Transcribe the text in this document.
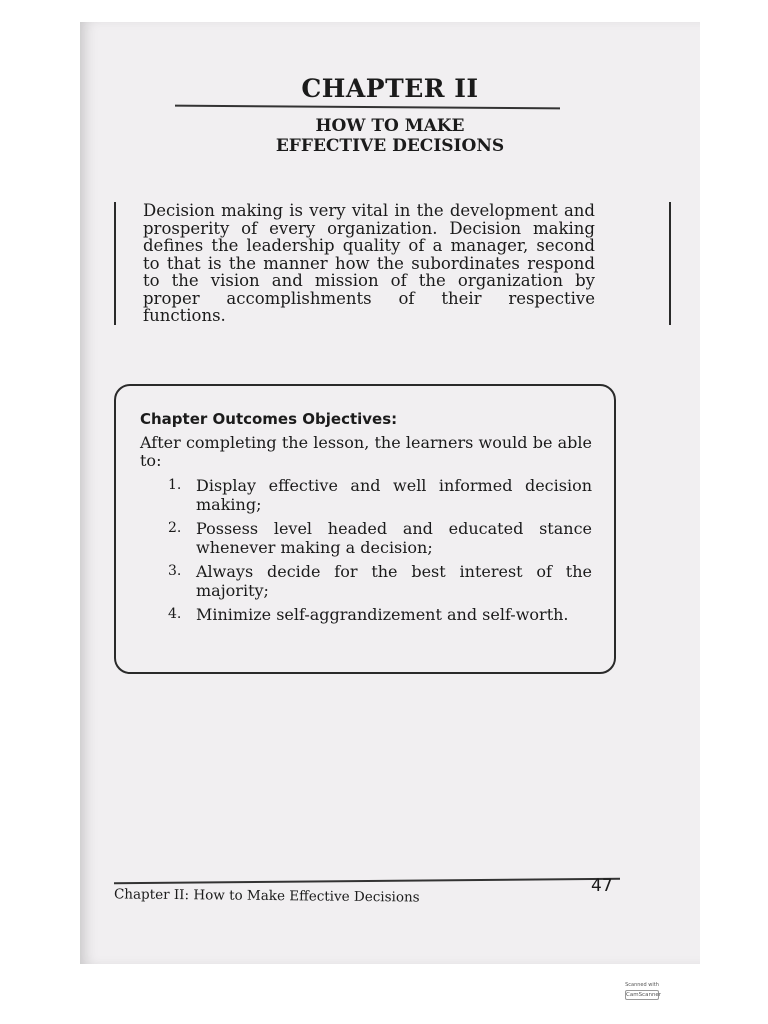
CHAPTER II
HOW TO MAKE
EFFECTIVE DECISIONS
Decision making is very vital in the development and prosperity of every organization. Decision making defines the leadership quality of a manager, second to that is the manner how the subordinates respond to the vision and mission of the organization by proper accomplishments of their respective functions.
Chapter Outcomes Objectives:
After completing the lesson, the learners would be able to:
1. Display effective and well informed decision making;
2. Possess level headed and educated stance whenever making a decision;
3. Always decide for the best interest of the majority;
4. Minimize self-aggrandizement and self-worth.
Chapter II: How to Make Effective Decisions	47
Scanned with
CamScanner
